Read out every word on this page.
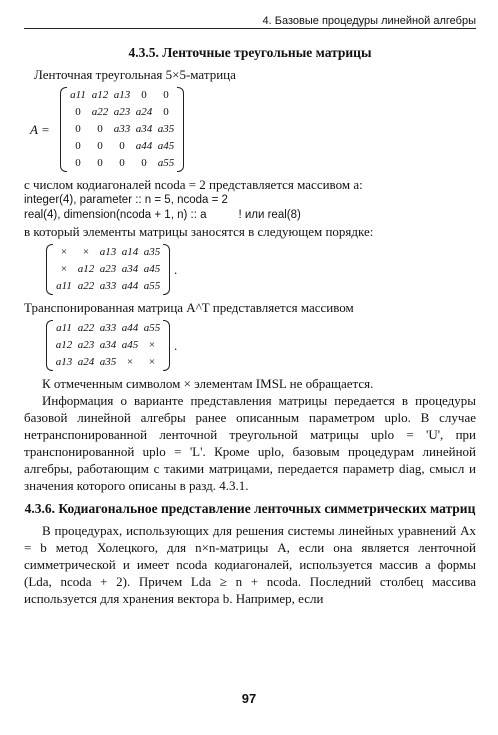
4. Базовые процедуры линейной алгебры
4.3.5. Ленточные треугольные матрицы

Ленточная треугольная 5×5-матрица

A =
a11	a12	a13	0	0
0	a22	a23	a24	0
0	0	a33	a34	a35
0	0	0	a44	a45
0	0	0	0	a55

с числом кодиагоналей ncoda = 2 представляется массивом a:

integer(4), parameter :: n = 5, ncoda = 2

real(4), dimension(ncoda + 1, n) :: a          ! или real(8)

в который элементы матрицы заносятся в следующем порядке:

×	×	a13	a14	a35
×	a12	a23	a34	a45
a11	a22	a33	a44	a55
.

Транспонированная матрица A^T представляется массивом

a11	a22	a33	a44	a55
a12	a23	a34	a45	×
a13	a24	a35	×	×
.

К отмеченным символом × элементам IMSL не обращается.

Информация о варианте представления матрицы передается в процедуры базовой линейной алгебры ранее описанным параметром uplo. В случае нетранспонированной ленточной треугольной матрицы uplo = 'U', при транспонированной uplo = 'L'. Кроме uplo, базовым процедурам линейной алгебры, работающим с такими матрицами, передается параметр diag, смысл и значения которого описаны в разд. 4.3.1.

4.3.6. Кодиагональное представление ленточных симметрических матриц

В процедурах, использующих для решения системы линейных уравнений Ax = b метод Холецкого, для n×n-матрицы A, если она является ленточной симметрической и имеет ncoda кодиагоналей, используется массив a формы (Lda, ncoda + 2). Причем Lda ≥ n + ncoda. Последний столбец массива используется для хранения вектора b. Например, если

97
